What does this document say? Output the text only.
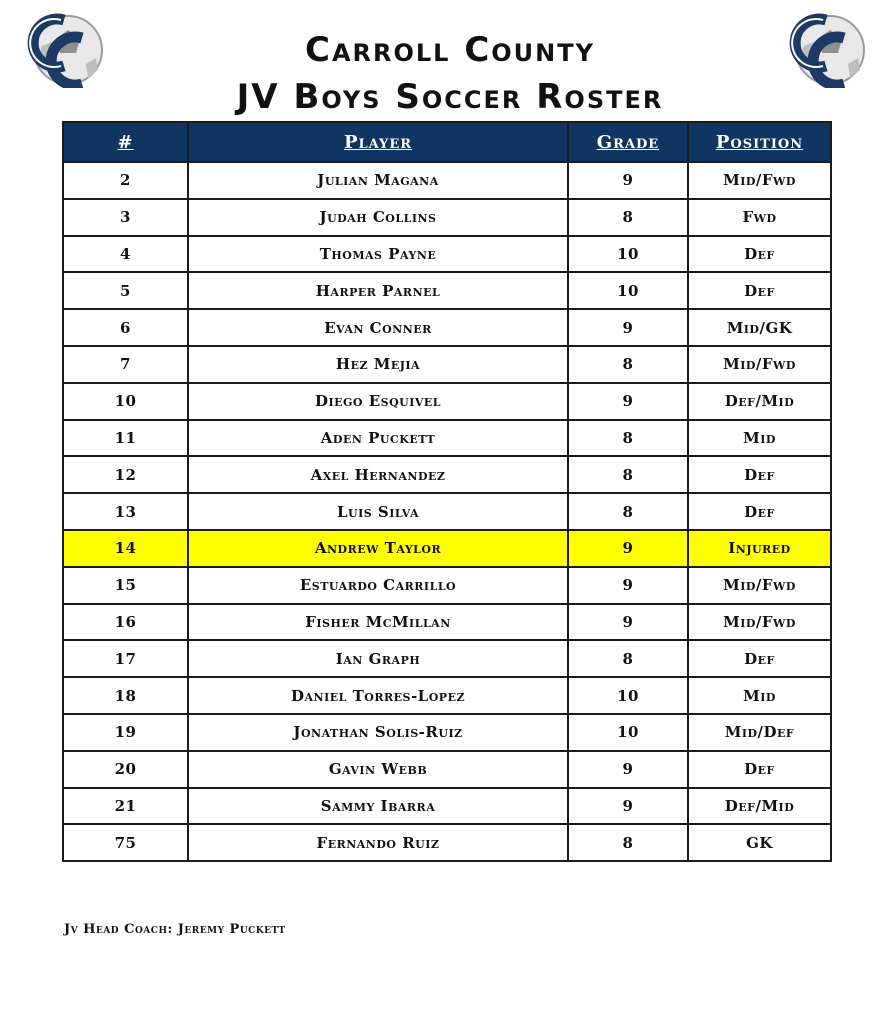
Carroll County
JV Boys Soccer Roster
#	Player	Grade	Position
2	Julian Magana	9	Mid/Fwd
3	Judah Collins	8	Fwd
4	Thomas Payne	10	Def
5	Harper Parnel	10	Def
6	Evan Conner	9	Mid/GK
7	Hez Mejia	8	Mid/Fwd
10	Diego Esquivel	9	Def/Mid
11	Aden Puckett	8	Mid
12	Axel Hernandez	8	Def
13	Luis Silva	8	Def
14	Andrew Taylor	9	Injured
15	Estuardo Carrillo	9	Mid/Fwd
16	Fisher McMillan	9	Mid/Fwd
17	Ian Graph	8	Def
18	Daniel Torres-Lopez	10	Mid
19	Jonathan Solis-Ruiz	10	Mid/Def
20	Gavin Webb	9	Def
21	Sammy Ibarra	9	Def/Mid
75	Fernando Ruiz	8	GK
Jv Head Coach: Jeremy Puckett
